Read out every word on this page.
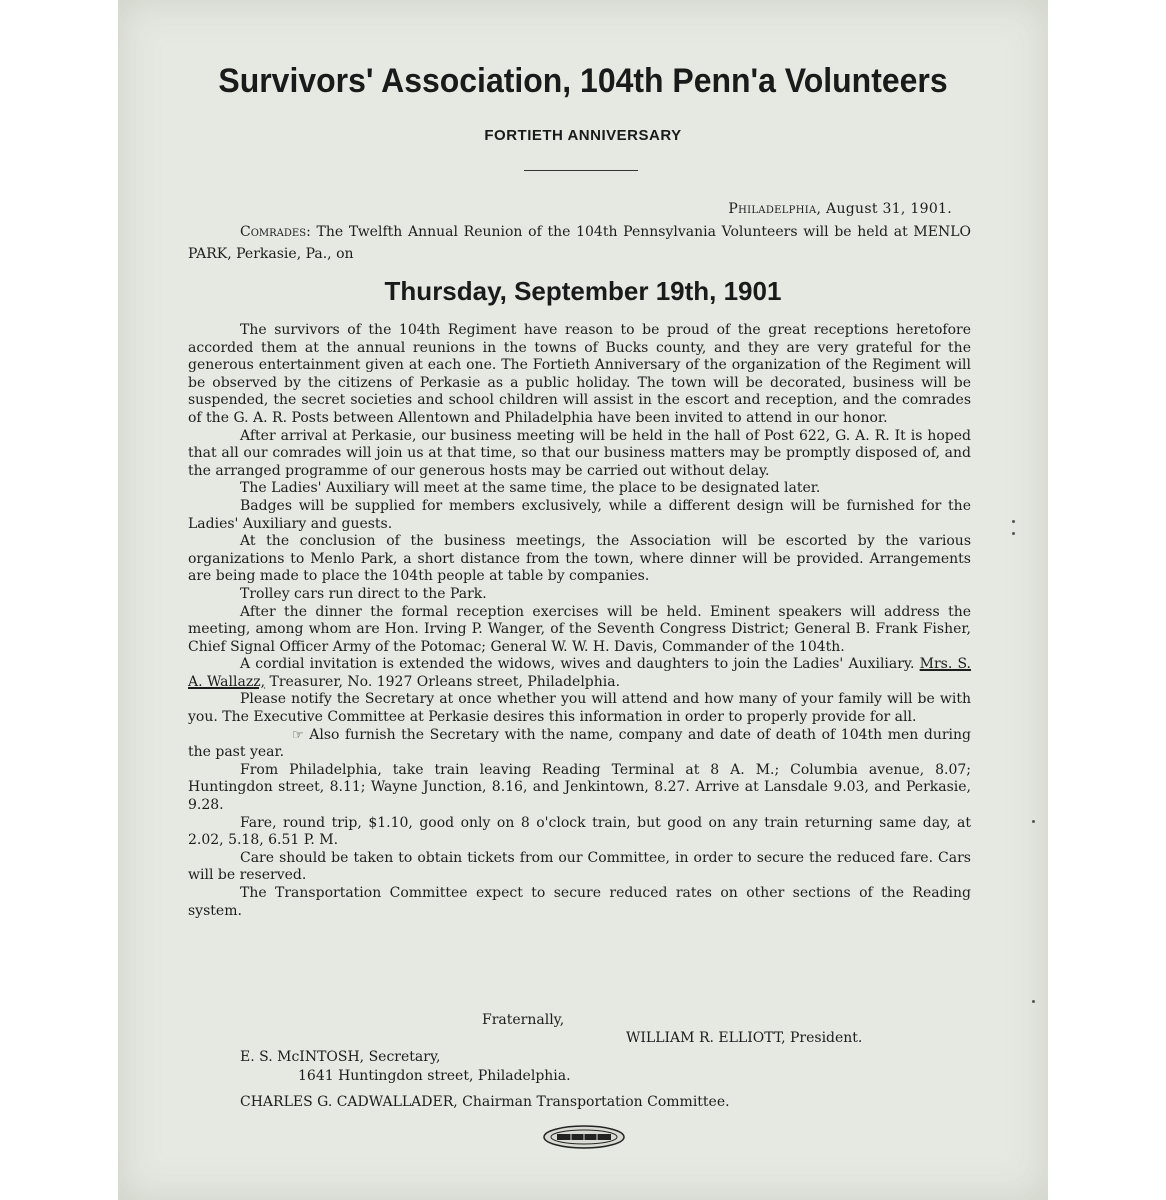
Survivors' Association, 104th Penn'a Volunteers
FORTIETH ANNIVERSARY
Philadelphia, August 31, 1901.

Comrades: The Twelfth Annual Reunion of the 104th Pennsylvania Volunteers will be held at MENLO PARK, Perkasie, Pa., on

Thursday, September 19th, 1901

The survivors of the 104th Regiment have reason to be proud of the great receptions heretofore accorded them at the annual reunions in the towns of Bucks county, and they are very grateful for the generous entertainment given at each one. The Fortieth Anniversary of the organization of the Regiment will be observed by the citizens of Perkasie as a public holiday. The town will be decorated, business will be suspended, the secret societies and school children will assist in the escort and reception, and the comrades of the G. A. R. Posts between Allentown and Philadelphia have been invited to attend in our honor.

After arrival at Perkasie, our business meeting will be held in the hall of Post 622, G. A. R. It is hoped that all our comrades will join us at that time, so that our business matters may be promptly disposed of, and the arranged programme of our generous hosts may be carried out without delay.

The Ladies' Auxiliary will meet at the same time, the place to be designated later.

Badges will be supplied for members exclusively, while a different design will be furnished for the Ladies' Auxiliary and guests.

At the conclusion of the business meetings, the Association will be escorted by the various organizations to Menlo Park, a short distance from the town, where dinner will be provided. Arrangements are being made to place the 104th people at table by companies.

Trolley cars run direct to the Park.

After the dinner the formal reception exercises will be held. Eminent speakers will address the meeting, among whom are Hon. Irving P. Wanger, of the Seventh Congress District; General B. Frank Fisher, Chief Signal Officer Army of the Potomac; General W. W. H. Davis, Commander of the 104th.

A cordial invitation is extended the widows, wives and daughters to join the Ladies' Auxiliary. Mrs. S. A. Wallazz, Treasurer, No. 1927 Orleans street, Philadelphia.

Please notify the Secretary at once whether you will attend and how many of your family will be with you. The Executive Committee at Perkasie desires this information in order to properly provide for all.

☞ Also furnish the Secretary with the name, company and date of death of 104th men during the past year.

From Philadelphia, take train leaving Reading Terminal at 8 A. M.; Columbia avenue, 8.07; Huntingdon street, 8.11; Wayne Junction, 8.16, and Jenkintown, 8.27. Arrive at Lansdale 9.03, and Perkasie, 9.28.

Fare, round trip, $1.10, good only on 8 o'clock train, but good on any train returning same day, at 2.02, 5.18, 6.51 P. M.

Care should be taken to obtain tickets from our Committee, in order to secure the reduced fare. Cars will be reserved.

The Transportation Committee expect to secure reduced rates on other sections of the Reading system.

Fraternally,
WILLIAM R. ELLIOTT, President.
E. S. McINTOSH, Secretary,
1641 Huntingdon street, Philadelphia.
CHARLES G. CADWALLADER, Chairman Transportation Committee.
